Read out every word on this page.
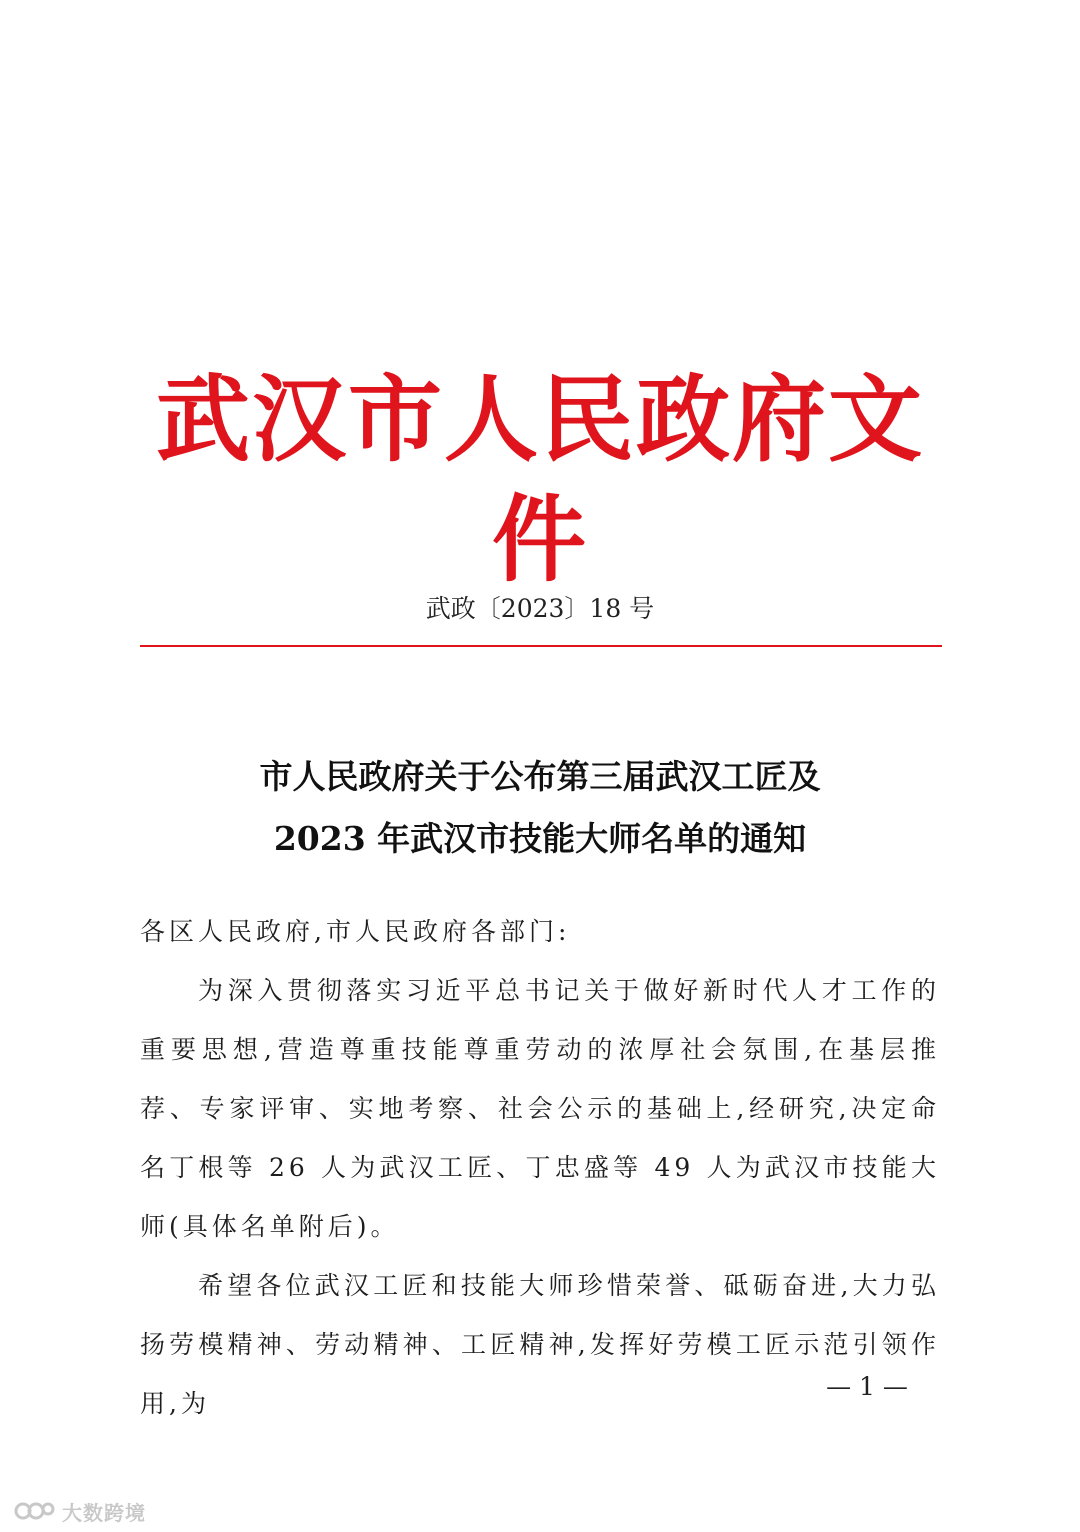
武汉市人民政府文件
武政〔2023〕18 号
市人民政府关于公布第三届武汉工匠及
2023 年武汉市技能大师名单的通知
各区人民政府,市人民政府各部门:

为深入贯彻落实习近平总书记关于做好新时代人才工作的重要思想,营造尊重技能尊重劳动的浓厚社会氛围,在基层推荐、专家评审、实地考察、社会公示的基础上,经研究,决定命名丁根等 26 人为武汉工匠、丁忠盛等 49 人为武汉市技能大师(具体名单附后)。

希望各位武汉工匠和技能大师珍惜荣誉、砥砺奋进,大力弘扬劳模精神、劳动精神、工匠精神,发挥好劳模工匠示范引领作用,为

— 1 —
大数跨境
